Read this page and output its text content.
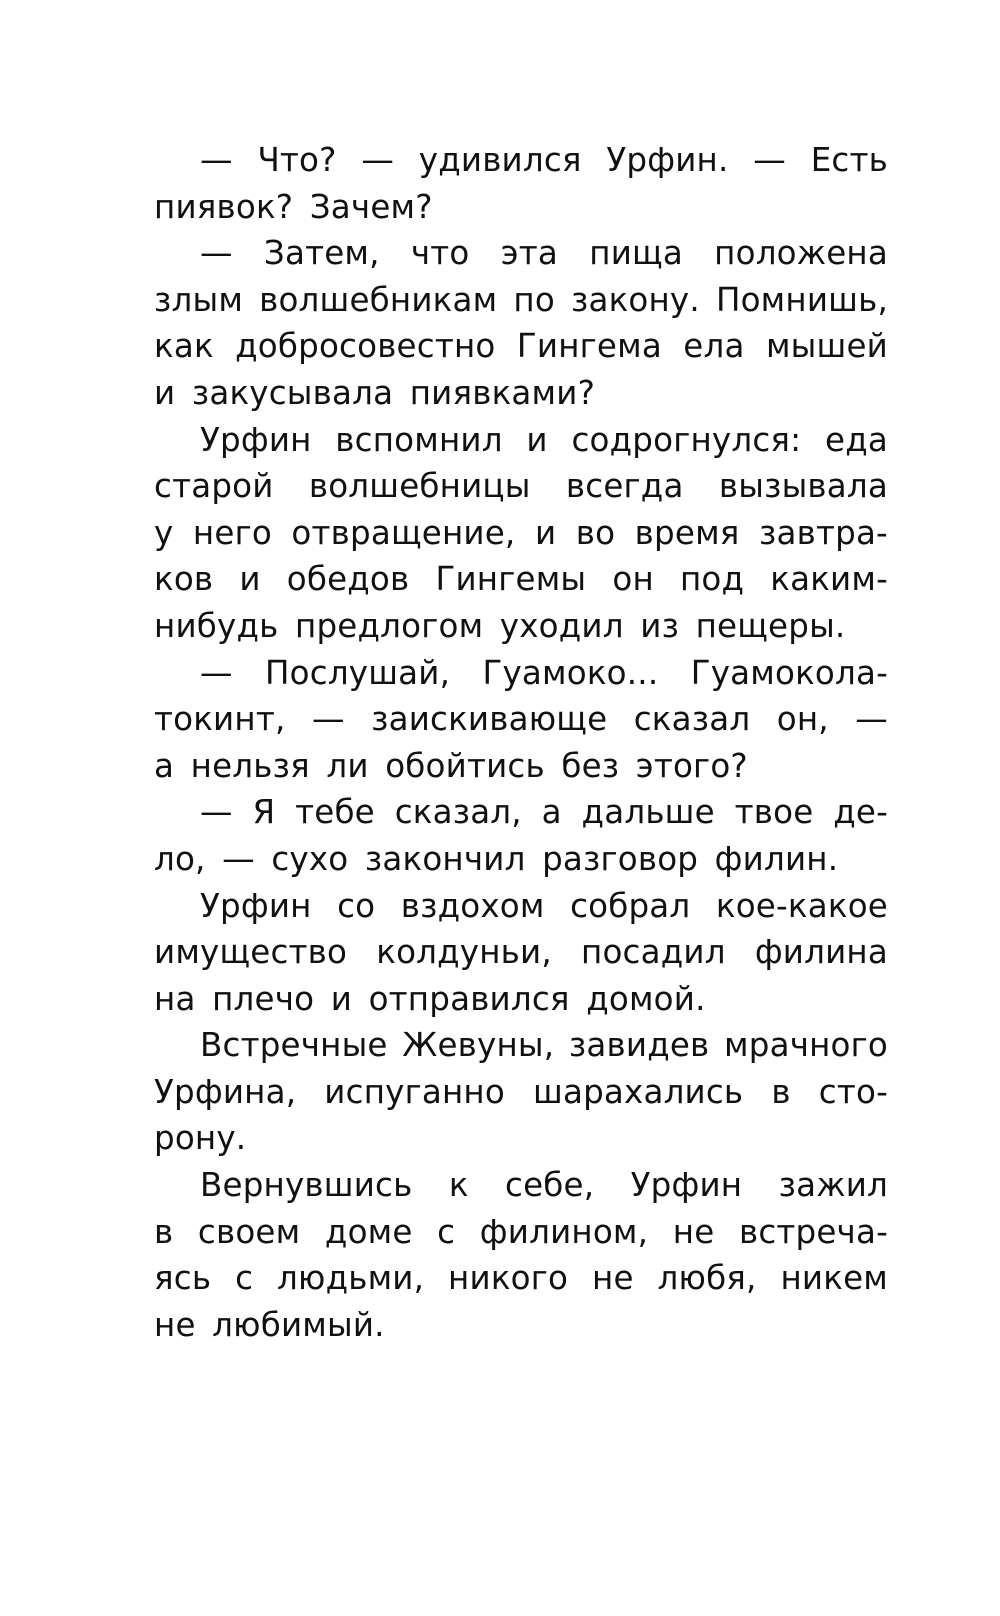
— Что? — удивился Урфин. — Есть
пиявок? Зачем?
— Затем, что эта пища положена
злым волшебникам по закону. Помнишь,
как добросовестно Гингема ела мышей
и закусывала пиявками?
Урфин вспомнил и содрогнулся: еда
старой волшебницы всегда вызывала
у него отвращение, и во время завтра-
ков и обедов Гингемы он под каким-
нибудь предлогом уходил из пещеры.
— Послушай, Гуамоко... Гуамокола-
токинт, — заискивающе сказал он, —
а нельзя ли обойтись без этого?
— Я тебе сказал, а дальше твое де-
ло, — сухо закончил разговор филин.
Урфин со вздохом собрал кое-какое
имущество колдуньи, посадил филина
на плечо и отправился домой.
Встречные Жевуны, завидев мрачного
Урфина, испуганно шарахались в сто-
рону.
Вернувшись к себе, Урфин зажил
в своем доме с филином, не встреча-
ясь с людьми, никого не любя, никем
не любимый.
